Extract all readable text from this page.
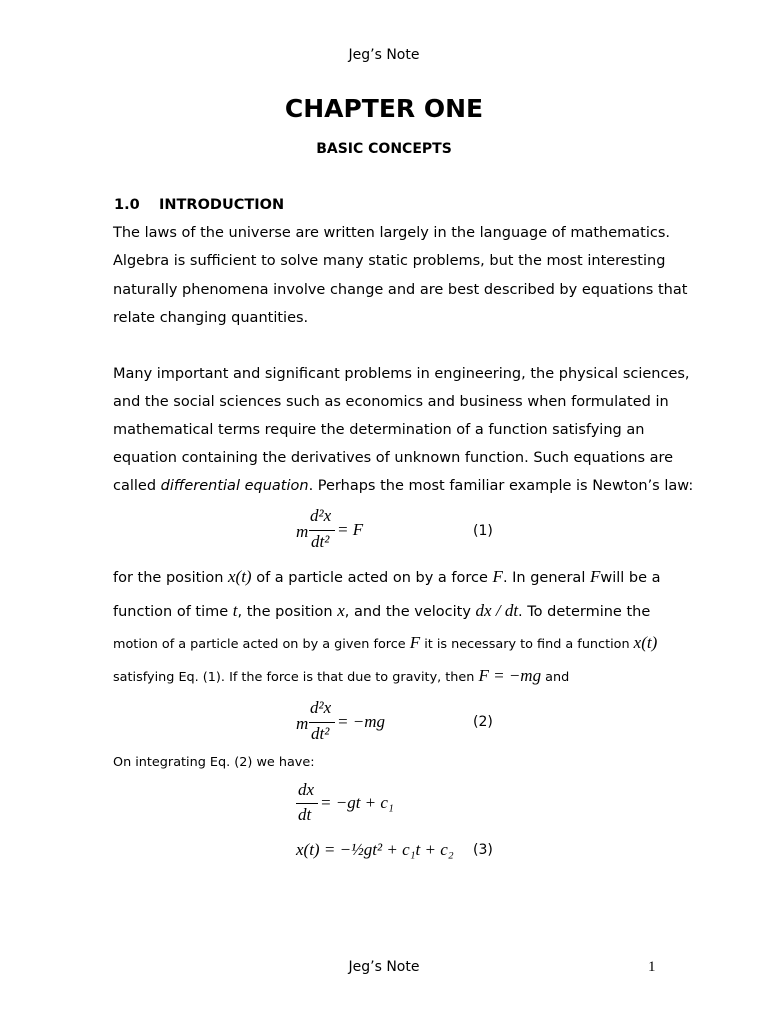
Jeg’s Note
CHAPTER ONE
BASIC CONCEPTS
1.0 INTRODUCTION
The laws of the universe are written largely in the language of mathematics.
Algebra is sufficient to solve many static problems, but the most interesting
naturally phenomena involve change and are best described by equations that
relate changing quantities.
Many important and significant problems in engineering, the physical sciences,
and the social sciences such as economics and business when formulated in
mathematical terms require the determination of a function satisfying an
equation containing the derivatives of unknown function. Such equations are
called differential equation. Perhaps the most familiar example is Newton’s law:
m
d²x
dt²
= F	(1)
for the position x(t) of a particle acted on by a force F. In general Fwill be a
function of time t, the position x, and the velocity dx / dt. To determine the
motion of a particle acted on by a given force F it is necessary to find a function x(t)
satisfying Eq. (1). If the force is that due to gravity, then F = −mg and
m
d²x
dt²
= −mg	(2)
On integrating Eq. (2) we have:
dx
dt
= −gt + c₁
x(t) = −½gt² + c₁t + c₂ (3)
Jeg’s Note	1
